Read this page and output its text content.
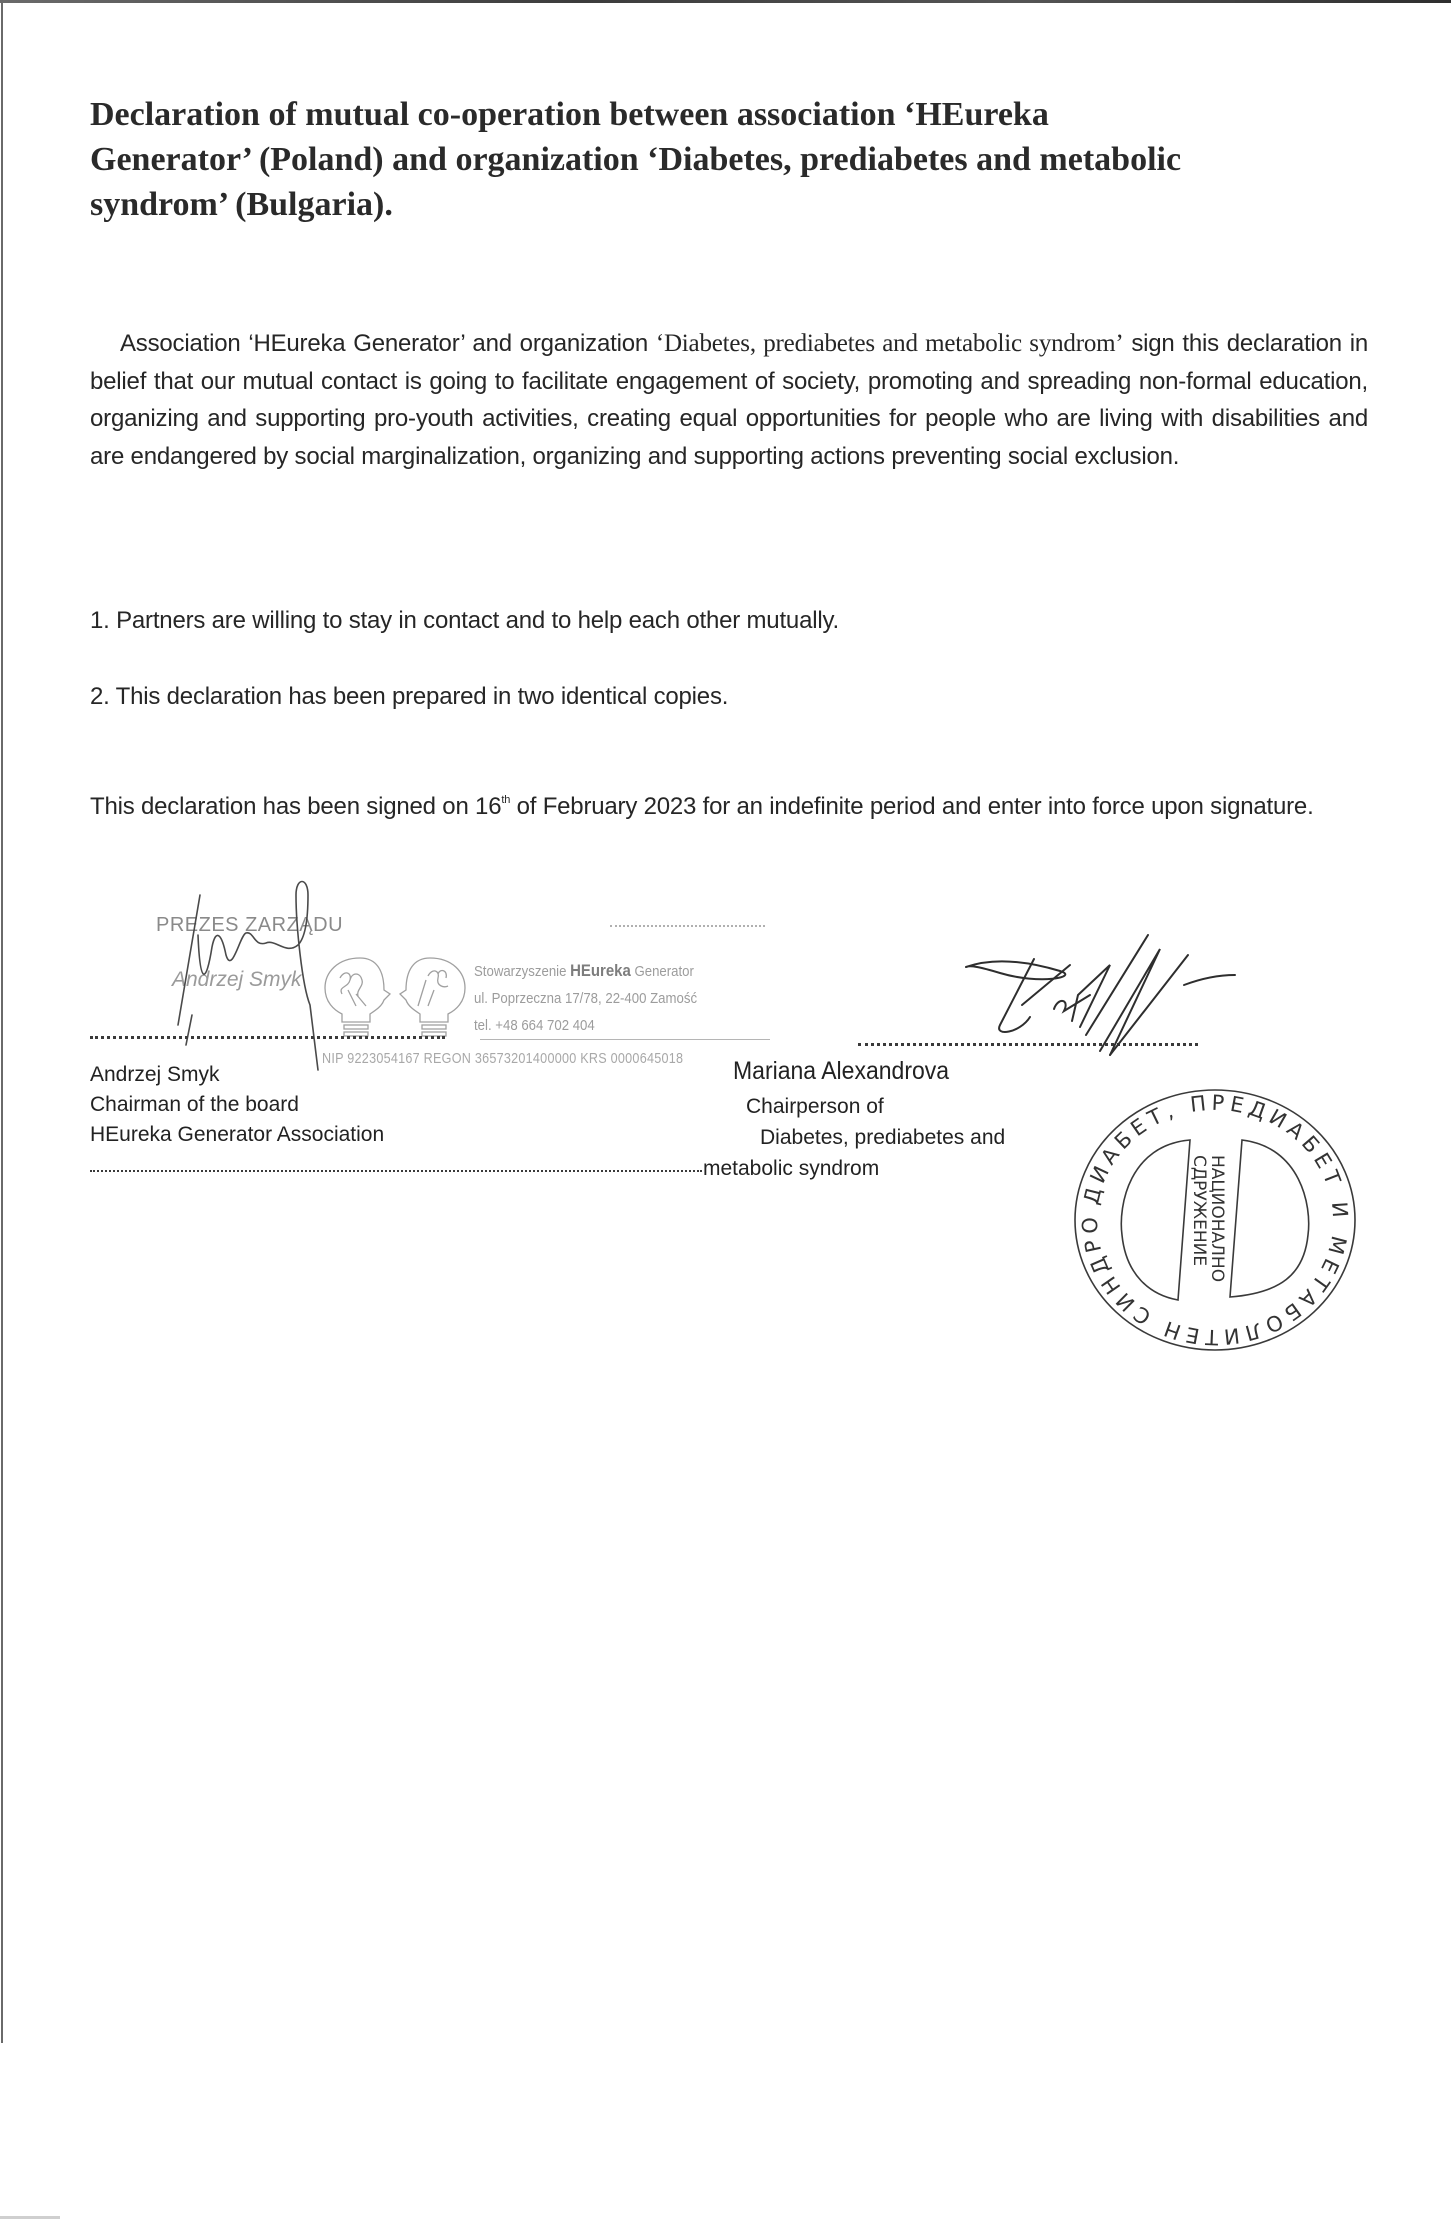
Declaration of mutual co-operation between association ‘HEureka
Generator’ (Poland) and organization ‘Diabetes, prediabetes and metabolic
syndrom’ (Bulgaria).
Association ‘HEureka Generator’ and organization ‘Diabetes, prediabetes and metabolic syndrom’ sign this declaration in belief that our mutual contact is going to facilitate engagement of society, promoting and spreading non-formal education, organizing and supporting pro-youth activities, creating equal opportunities for people who are living with disabilities and are endangered by social marginalization, organizing and supporting actions preventing social exclusion.
1. Partners are willing to stay in contact and to help each other mutually.
2. This declaration has been prepared in two identical copies.
This declaration has been signed on 16th of February 2023 for an indefinite period and enter into force upon signature.
PREZES ZARZĄDU
Andrzej Smyk	Stowarzyszenie HEureka Generator
ul. Poprzeczna 17/78, 22-400 Zamość
tel. +48 664 702 404
NIP 9223054167 REGON 36573201400000 KRS 0000645018
Andrzej Smyk
Chairman of the board
HEureka Generator Association
Mariana Alexandrova
Chairperson of
Diabetes, prediabetes and
metabolic syndrom
ДИАБЕТ, ПРЕДИАБЕТ И МЕТАБОЛИТЕН СИНДРОМ •
НАЦИОНАЛНО
СДРУЖЕНИЕ
